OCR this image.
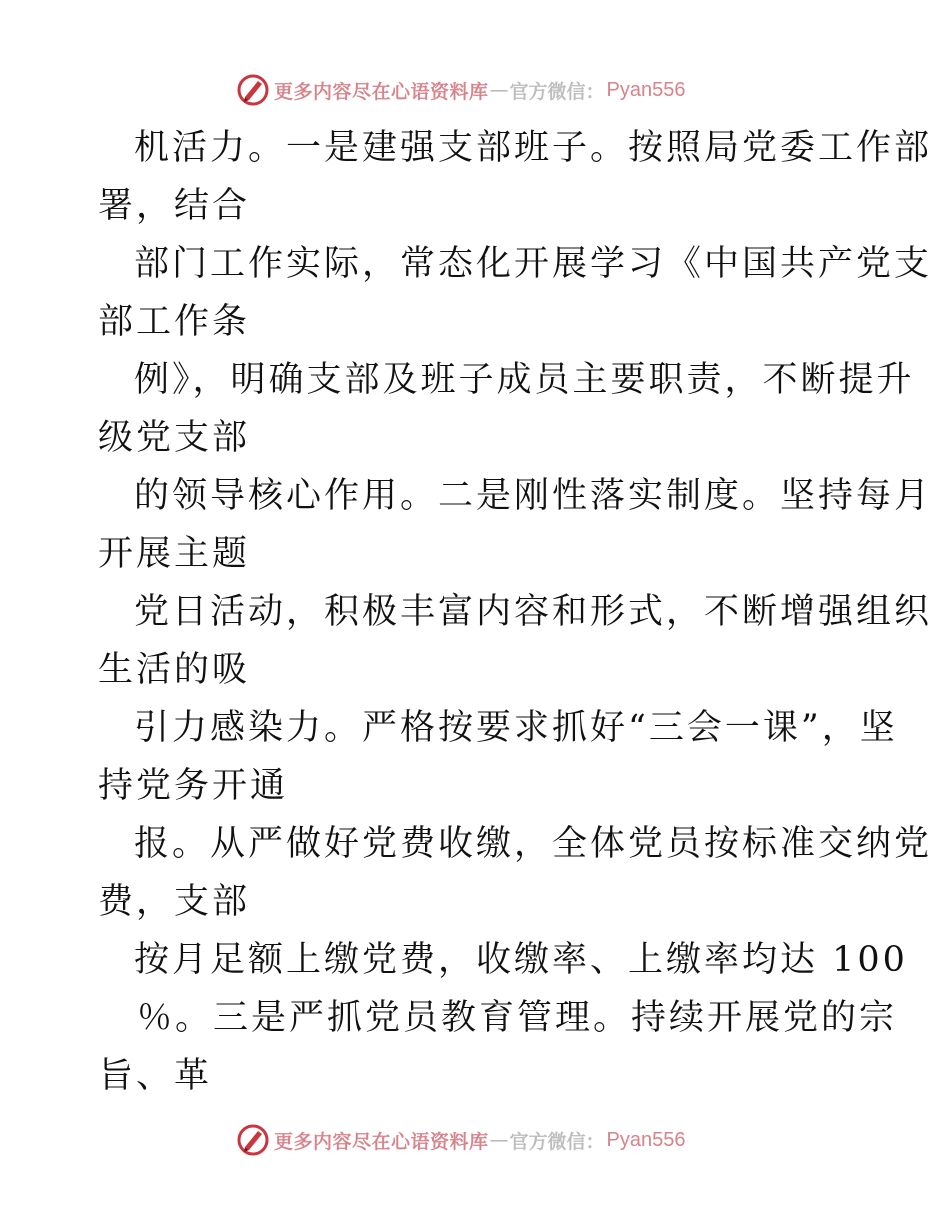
更多内容尽在心语资料库 — 官方微信： Pyan556
机活力。一是建强支部班子。按照局党委工作部
署，结合
部门工作实际，常态化开展学习《中国共产党支
部工作条
例》，明确支部及班子成员主要职责，不断提升
级党支部
的领导核心作用。二是刚性落实制度。坚持每月
开展主题
党日活动，积极丰富内容和形式，不断增强组织
生活的吸
引力感染力。严格按要求抓好“三会一课”，坚
持党务开通
报。从严做好党费收缴，全体党员按标准交纳党
费，支部
按月足额上缴党费，收缴率、上缴率均达 100
％。三是严抓党员教育管理。持续开展党的宗
旨、革
更多内容尽在心语资料库 — 官方微信： Pyan556
